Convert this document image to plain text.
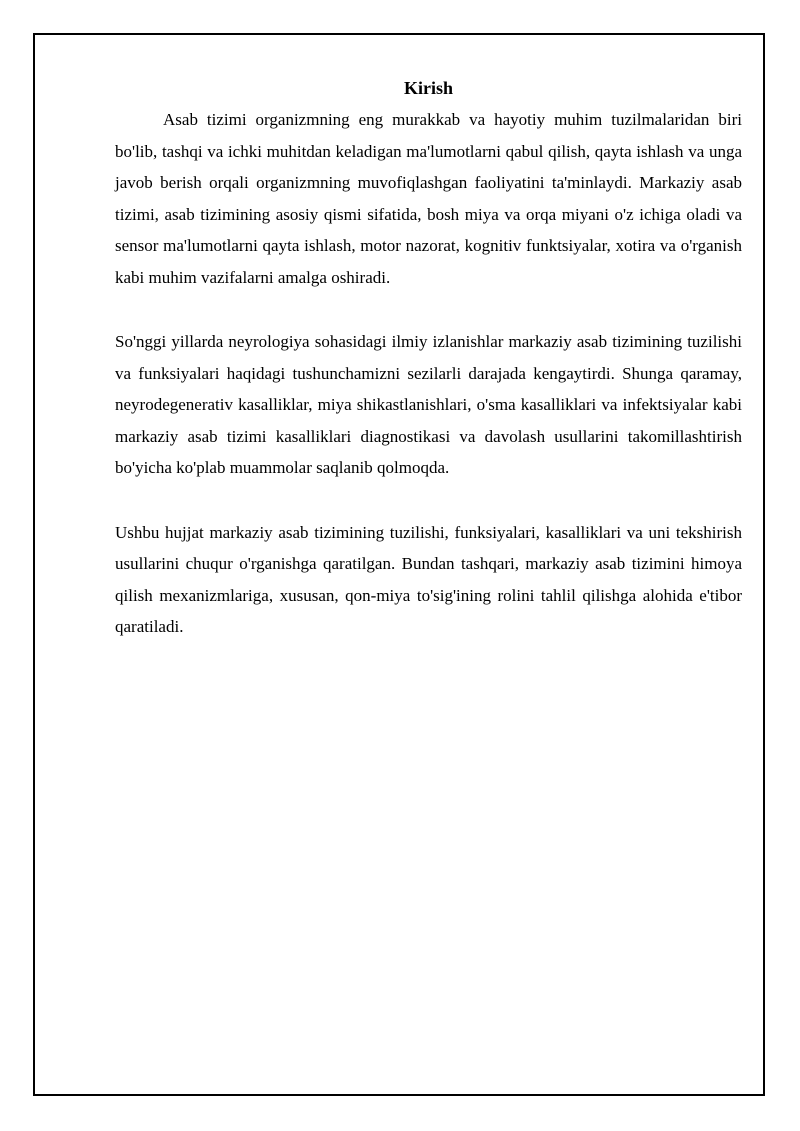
Kirish

Asab tizimi organizmning eng murakkab va hayotiy muhim tuzilmalaridan biri bo'lib, tashqi va ichki muhitdan keladigan ma'lumotlarni qabul qilish, qayta ishlash va unga javob berish orqali organizmning muvofiqlashgan faoliyatini ta'minlaydi. Markaziy asab tizimi, asab tizimining asosiy qismi sifatida, bosh miya va orqa miyani o'z ichiga oladi va sensor ma'lumotlarni qayta ishlash, motor nazorat, kognitiv funktsiyalar, xotira va o'rganish kabi muhim vazifalarni amalga oshiradi.

So'nggi yillarda neyrologiya sohasidagi ilmiy izlanishlar markaziy asab tizimining tuzilishi va funksiyalari haqidagi tushunchamizni sezilarli darajada kengaytirdi. Shunga qaramay, neyrodegenerativ kasalliklar, miya shikastlanishlari, o'sma kasalliklari va infektsiyalar kabi markaziy asab tizimi kasalliklari diagnostikasi va davolash usullarini takomillashtirish bo'yicha ko'plab muammolar saqlanib qolmoqda.

Ushbu hujjat markaziy asab tizimining tuzilishi, funksiyalari, kasalliklari va uni tekshirish usullarini chuqur o'rganishga qaratilgan. Bundan tashqari, markaziy asab tizimini himoya qilish mexanizmlariga, xususan, qon-miya to'sig'ining rolini tahlil qilishga alohida e'tibor qaratiladi.
